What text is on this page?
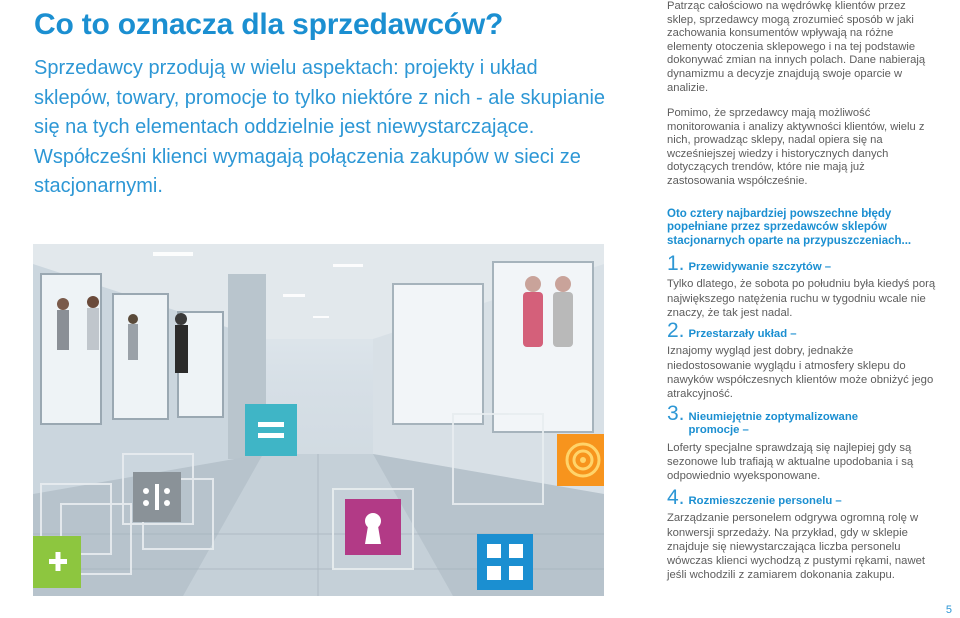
Co to oznacza dla sprzedawców?
Sprzedawcy przodują w wielu aspektach: projekty i układ sklepów, towary, promocje to tylko niektóre z nich - ale skupianie się na tych elementach oddzielnie jest niewystarczające. Współcześni klienci wymagają połączenia zakupów w sieci ze stacjonarnymi.
Patrząc całościowo na wędrówkę klientów przez sklep, sprzedawcy mogą zrozumieć sposób w jaki zachowania konsumentów wpływają na różne elementy otoczenia sklepowego i na tej podstawie dokonywać zmian na innych polach. Dane nabierają dynamizmu a decyzje znajdują swoje oparcie w analizie.
Pomimo, że sprzedawcy mają możliwość monitorowania i analizy aktywności klientów, wielu z nich, prowadząc sklepy, nadal opiera się na wcześniejszej wiedzy i historycznych danych dotyczących trendów, które nie mają już zastosowania współcześnie.
Oto cztery najbardziej powszechne błędy popełniane przez sprzedawców sklepów stacjonarnych oparte na przypuszczeniach...
1. Przewidywanie szczytów –
Tylko dlatego, że sobota po południu była kiedyś porą największego natężenia ruchu w tygodniu wcale nie znaczy, że tak jest nadal.
2. Przestarzały układ –
Iznajomy wygląd jest dobry, jednakże niedostosowanie wyglądu i atmosfery sklepu do nawyków współczesnych klientów może obniżyć jego atrakcyjność.
3. Nieumiejętnie zoptymalizowane promocje –
Loferty specjalne sprawdzają się najlepiej gdy są sezonowe lub trafiają w aktualne upodobania i są odpowiednio wyeksponowane.
4. Rozmieszczenie personelu –
Zarządzanie personelem odgrywa ogromną rolę w konwersji sprzedaży. Na przykład, gdy w sklepie znajduje się niewystarczająca liczba personelu wówczas klienci wychodzą z pustymi rękami, nawet jeśli wchodzili z zamiarem dokonania zakupu.
5
